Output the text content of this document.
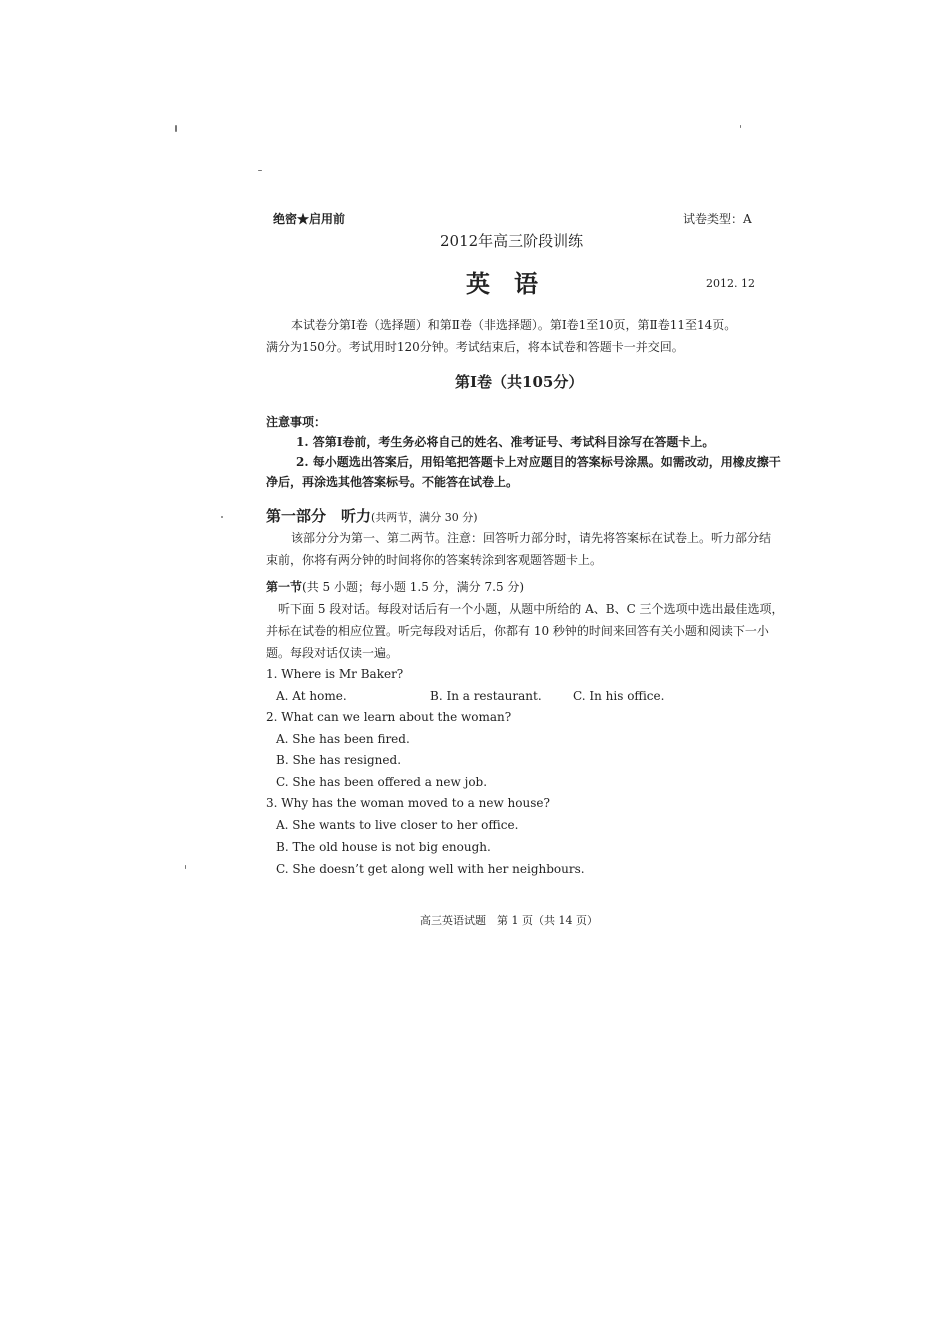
绝密★启用前	试卷类型：A
2012年高三阶段训练
英　语	2012. 12
本试卷分第Ⅰ卷（选择题）和第Ⅱ卷（非选择题）。第Ⅰ卷1至10页，第Ⅱ卷11至14页。
满分为150分。考试用时120分钟。考试结束后，将本试卷和答题卡一并交回。
第Ⅰ卷（共105分）
注意事项：
1. 答第Ⅰ卷前，考生务必将自己的姓名、准考证号、考试科目涂写在答题卡上。
2. 每小题选出答案后，用铅笔把答题卡上对应题目的答案标号涂黑。如需改动，用橡皮擦干
净后，再涂选其他答案标号。不能答在试卷上。
第一部分　听力(共两节，满分 30 分)
该部分分为第一、第二两节。注意：回答听力部分时，请先将答案标在试卷上。听力部分结
束前，你将有两分钟的时间将你的答案转涂到客观题答题卡上。
第一节(共 5 小题；每小题 1.5 分，满分 7.5 分)
听下面 5 段对话。每段对话后有一个小题，从题中所给的 A、B、C 三个选项中选出最佳选项，
并标在试卷的相应位置。听完每段对话后，你都有 10 秒钟的时间来回答有关小题和阅读下一小
题。每段对话仅读一遍。
1. Where is Mr Baker?
A. At home.	B. In a restaurant.	C. In his office.
2. What can we learn about the woman?
A. She has been fired.
B. She has resigned.
C. She has been offered a new job.
3. Why has the woman moved to a new house?
A. She wants to live closer to her office.
B. The old house is not big enough.
C. She doesn’t get along well with her neighbours.
高三英语试题　第 1 页（共 14 页）
